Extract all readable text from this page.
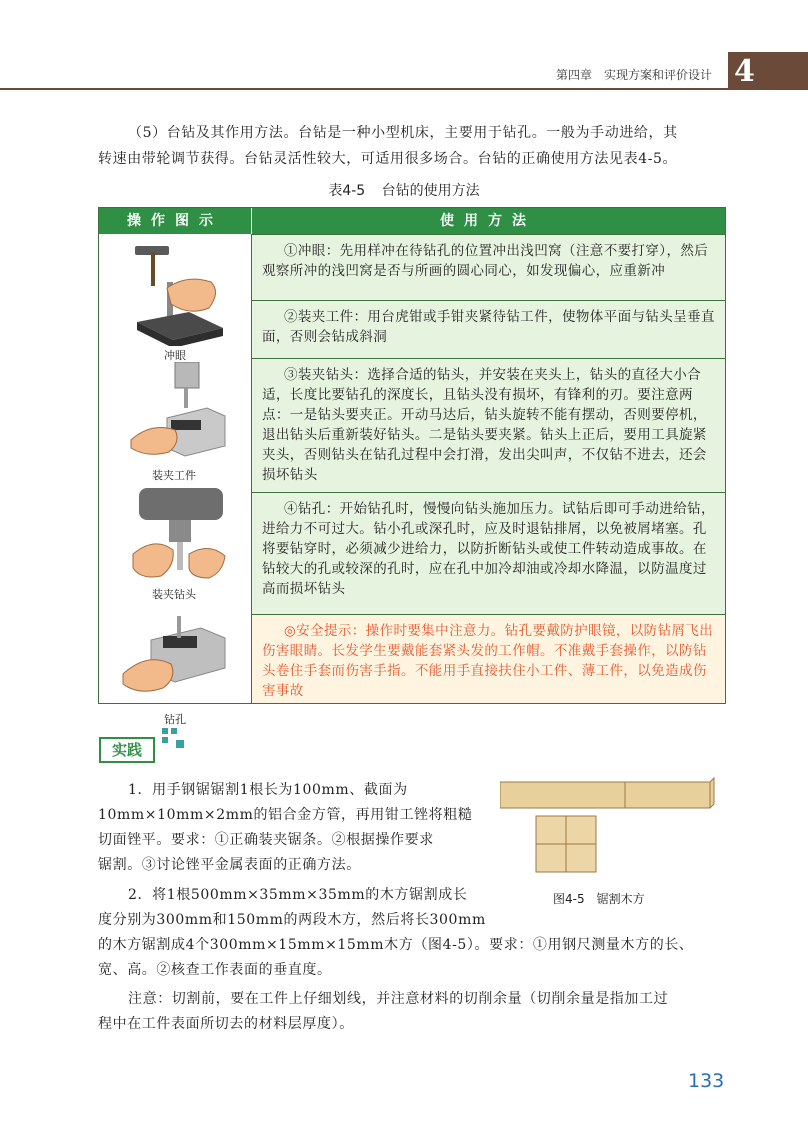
第四章　实现方案和评价设计 4
（5）台钻及其作用方法。台钻是一种小型机床，主要用于钻孔。一般为手动进给，其
转速由带轮调节获得。台钻灵活性较大，可适用很多场合。台钻的正确使用方法见表4-5。
表4-5 台钻的使用方法
操作图示	使用方法
冲眼
装夹工件
装夹钻头
钻孔
①冲眼：先用样冲在待钻孔的位置冲出浅凹窝（注意不要打穿），然后观察所冲的浅凹窝是否与所画的圆心同心，如发现偏心，应重新冲
②装夹工件：用台虎钳或手钳夹紧待钻工件，使物体平面与钻头呈垂直面，否则会钻成斜洞
③装夹钻头：选择合适的钻头，并安装在夹头上，钻头的直径大小合适，长度比要钻孔的深度长，且钻头没有损坏，有锋利的刃。要注意两点：一是钻头要夹正。开动马达后，钻头旋转不能有摆动，否则要停机，退出钻头后重新装好钻头。二是钻头要夹紧。钻头上正后，要用工具旋紧夹头，否则钻头在钻孔过程中会打滑，发出尖叫声，不仅钻不进去，还会损坏钻头
④钻孔：开始钻孔时，慢慢向钻头施加压力。试钻后即可手动进给钻，进给力不可过大。钻小孔或深孔时，应及时退钻排屑，以免被屑堵塞。孔将要钻穿时，必须减少进给力，以防折断钻头或使工件转动造成事故。在钻较大的孔或较深的孔时，应在孔中加冷却油或冷却水降温，以防温度过高而损坏钻头
◎安全提示：操作时要集中注意力。钻孔要戴防护眼镜，以防钻屑飞出伤害眼睛。长发学生要戴能套紧头发的工作帽。不准戴手套操作，以防钻头卷住手套而伤害手指。不能用手直接扶住小工件、薄工件，以免造成伤害事故
实践
1．用手钢锯锯割1根长为100mm、截面为
10mm×10mm×2mm的铝合金方管，再用钳工锉将粗糙
切面锉平。要求：①正确装夹锯条。②根据操作要求
锯割。③讨论锉平金属表面的正确方法。
图4-5　锯割木方
2．将1根500mm×35mm×35mm的木方锯割成长
度分别为300mm和150mm的两段木方，然后将长300mm
的木方锯割成4个300mm×15mm×15mm木方（图4-5）。要求：①用钢尺测量木方的长、
宽、高。②核查工作表面的垂直度。
注意：切割前，要在工件上仔细划线，并注意材料的切削余量（切削余量是指加工过
程中在工件表面所切去的材料层厚度）。
133
